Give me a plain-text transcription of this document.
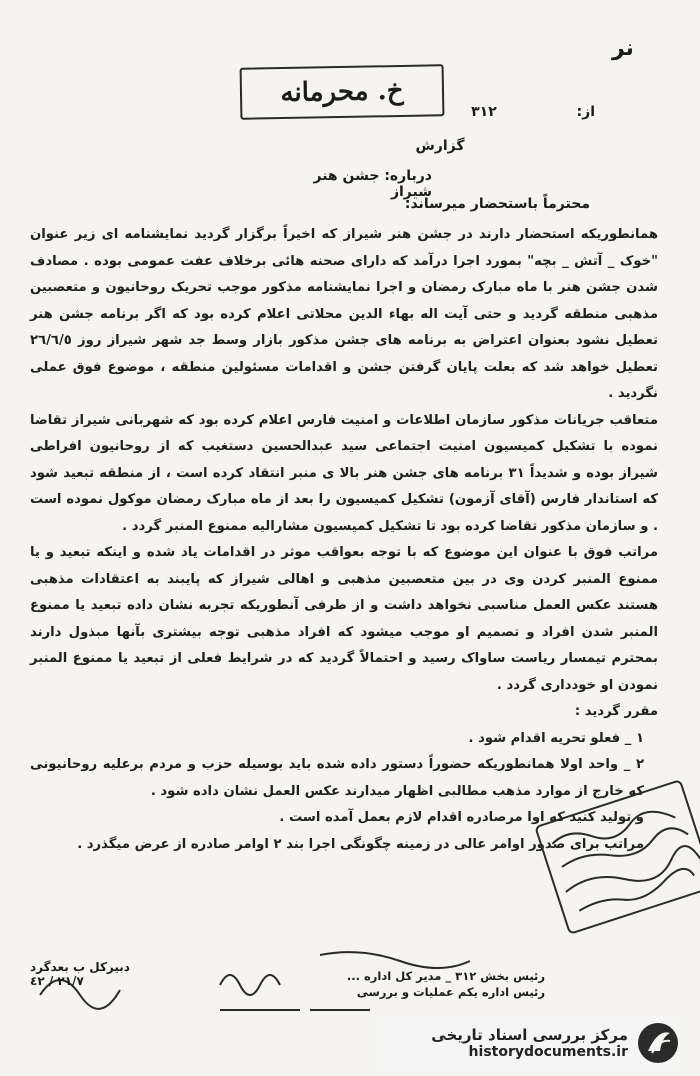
نر
خ. محرمانه
از:  ٣١٢
گزارش
درباره: جشن هنر شیراز
محترماً باستحضار میرساند:

همانطوریکه استحضار دارند در جشن هنر شیراز که اخیراً برگزار گردید نمایشنامه ای زیر عنوان "خوک _ آتش _ بچه" بمورد اجرا درآمد که دارای صحنه هائی برخلاف عفت عمومی بوده . مصادف شدن جشن هنر با ماه مبارک رمضان و اجرا نمایشنامه مذکور موجب تحریک روحانیون و متعصبین مذهبی منطقه گردید و حتی آیت اله بهاء الدین محلاتی اعلام کرده بود که اگر برنامه جشن هنر تعطیل نشود بعنوان اعتراض به برنامه های جشن مذکور بازار وسط جد شهر شیراز روز ٢٦/٦/٥ تعطیل خواهد شد که بعلت پایان گرفتن جشن و اقدامات مسئولین منطقه ، موضوع فوق عملی نگردید .

متعاقب جریانات مذکور سازمان اطلاعات و امنیت فارس اعلام کرده بود که شهربانی شیراز تقاضا نموده با تشکیل کمیسیون امنیت اجتماعی سید عبدالحسین دستغیب که از روحانیون افراطی شیراز بوده و شدیداً ٣١ برنامه های جشن هنر بالا ی منبر انتقاد کرده است ، از منطقه تبعید شود که استاندار فارس (آقای آزمون) تشکیل کمیسیون را بعد از ماه مبارک رمضان موکول نموده است . و سازمان مذکور تقاضا کرده بود تا تشکیل کمیسیون مشارالیه ممنوع المنبر گردد .

مراتب فوق با عنوان این موضوع که با توجه بعواقب موثر در اقدامات یاد شده و اینکه تبعید و یا ممنوع المنبر کردن وی در بین متعصبین مذهبی و اهالی شیراز که پایبند به اعتقادات مذهبی هستند عکس العمل مناسبی نخواهد داشت و از طرفی آنطوریکه تجربه نشان داده تبعید یا ممنوع المنبر شدن افراد و تصمیم او موجب میشود که افراد مذهبی توجه بیشتری بآنها مبذول دارند بمحترم تیمسار ریاست ساواک رسید و احتمالاً گردید که در شرایط فعلی از تبعید یا ممنوع المنبر نمودن او خودداری گردد .

مقرر گردید :

١ _ فعلو تحریه اقدام شود .

٢ _ واحد اولا همانطوریکه حضوراً دستور داده شده باید بوسیله حزب و مردم برعلیه روحانیونی که خارج از موارد مذهب مطالبی اظهار میدارند عکس العمل نشان داده شود .

و تولید کنید که اوا مرصادره اقدام لازم بعمل آمده است .

مراتب برای صدور اوامر عالی در زمینه چگونگی اجرا بند ٢ اوامر صادره از عرض میگذرد .

رئیس بخش ٣١٢ _ مدیر کل اداره ...
رئیس اداره یکم عملیات و بررسی
دبیرکل ب بعدگرد
٢١/٧ / ٤٢
مرکز بررسی اسناد تاریخی
historydocuments.ir
